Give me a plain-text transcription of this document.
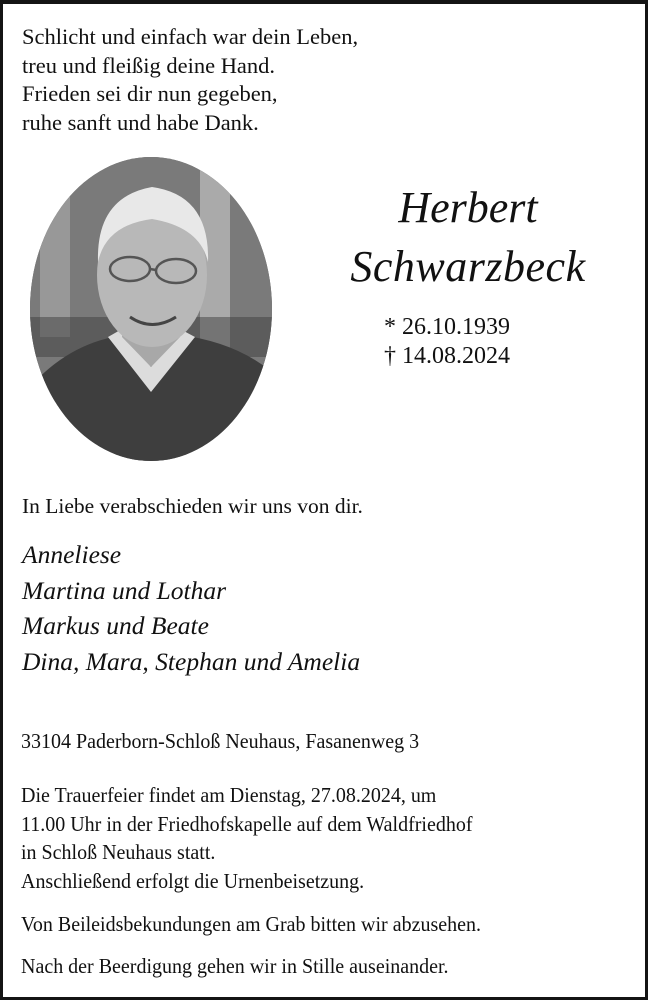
Schlicht und einfach war dein Leben,
treu und fleißig deine Hand.
Frieden sei dir nun gegeben,
ruhe sanft und habe Dank.
Herbert
Schwarzbeck
* 26.10.1939
† 14.08.2024
In Liebe verabschieden wir uns von dir.
Anneliese
Martina und Lothar
Markus und Beate
Dina, Mara, Stephan und Amelia
33104 Paderborn-Schloß Neuhaus, Fasanenweg 3
Die Trauerfeier findet am Dienstag, 27.08.2024, um
11.00 Uhr in der Friedhofskapelle auf dem Waldfriedhof
in Schloß Neuhaus statt.
Anschließend erfolgt die Urnenbeisetzung.
Von Beileidsbekundungen am Grab bitten wir abzusehen.
Nach der Beerdigung gehen wir in Stille auseinander.
